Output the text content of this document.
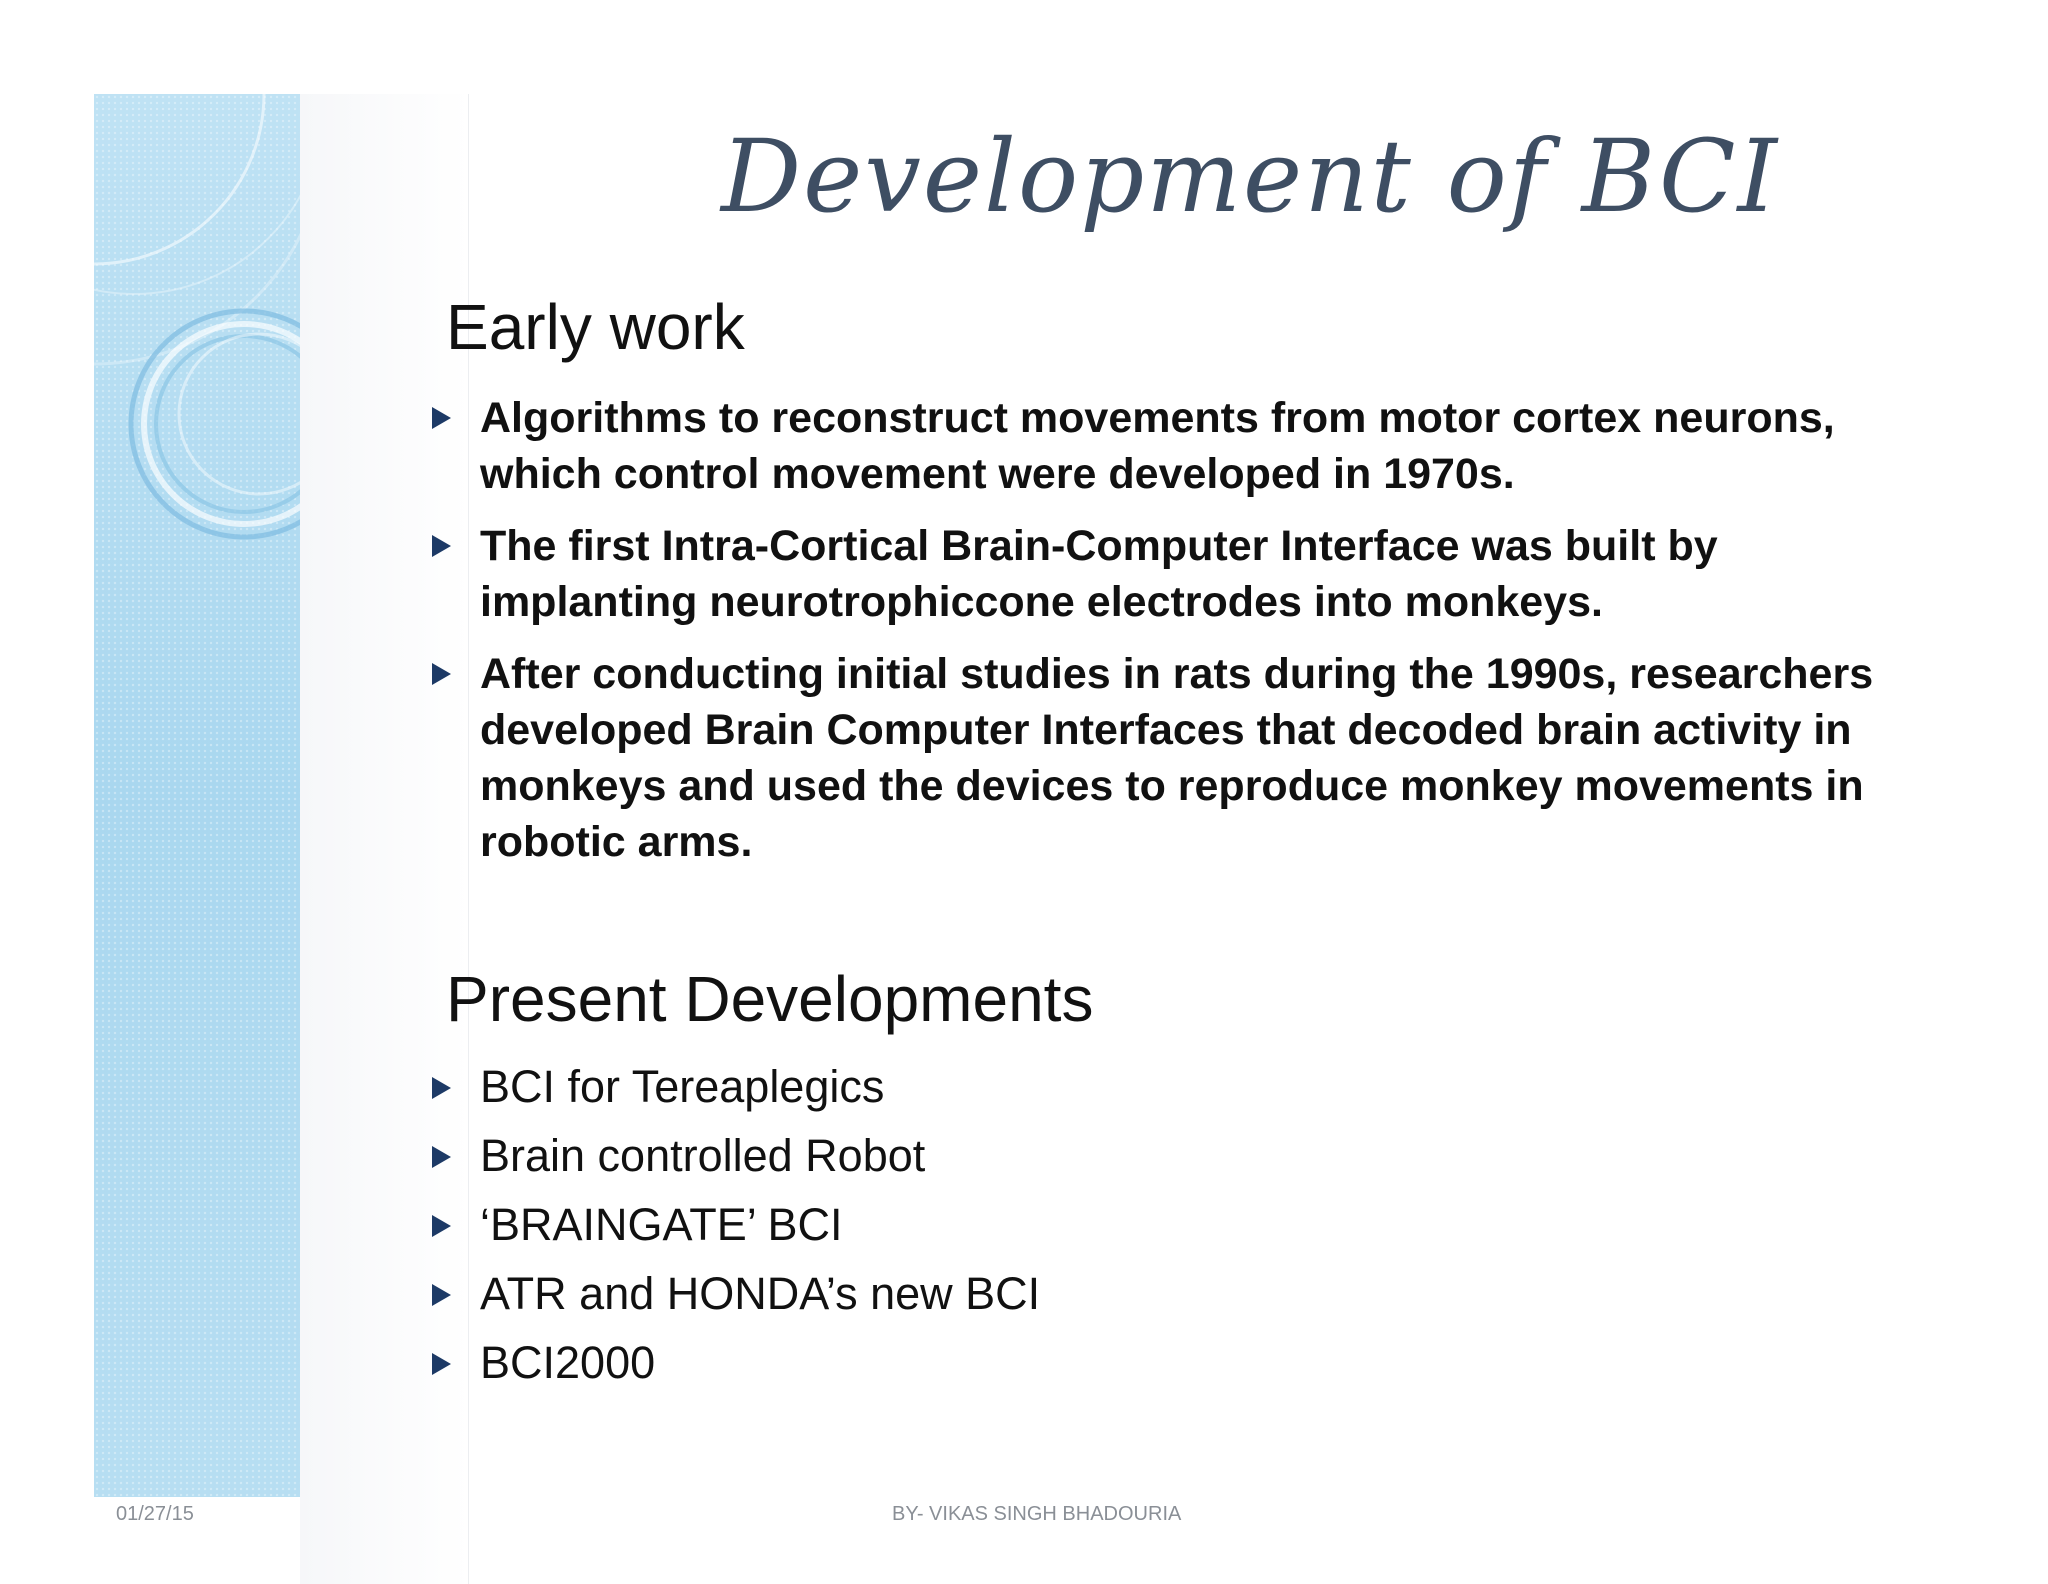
Development of BCI
Early work
Algorithms to reconstruct movements from motor cortex neurons, which control movement were developed in 1970s.
The first Intra-Cortical Brain-Computer Interface was built by implanting neurotrophiccone electrodes into monkeys.
After conducting initial studies in rats during the 1990s, researchers developed Brain Computer Interfaces that decoded brain activity in monkeys and used the devices to reproduce monkey movements in robotic arms.
Present Developments
BCI for Tereaplegics
Brain controlled Robot
‘BRAINGATE’ BCI
ATR and HONDA’s new BCI
BCI2000
01/27/15	BY- VIKAS SINGH BHADOURIA
